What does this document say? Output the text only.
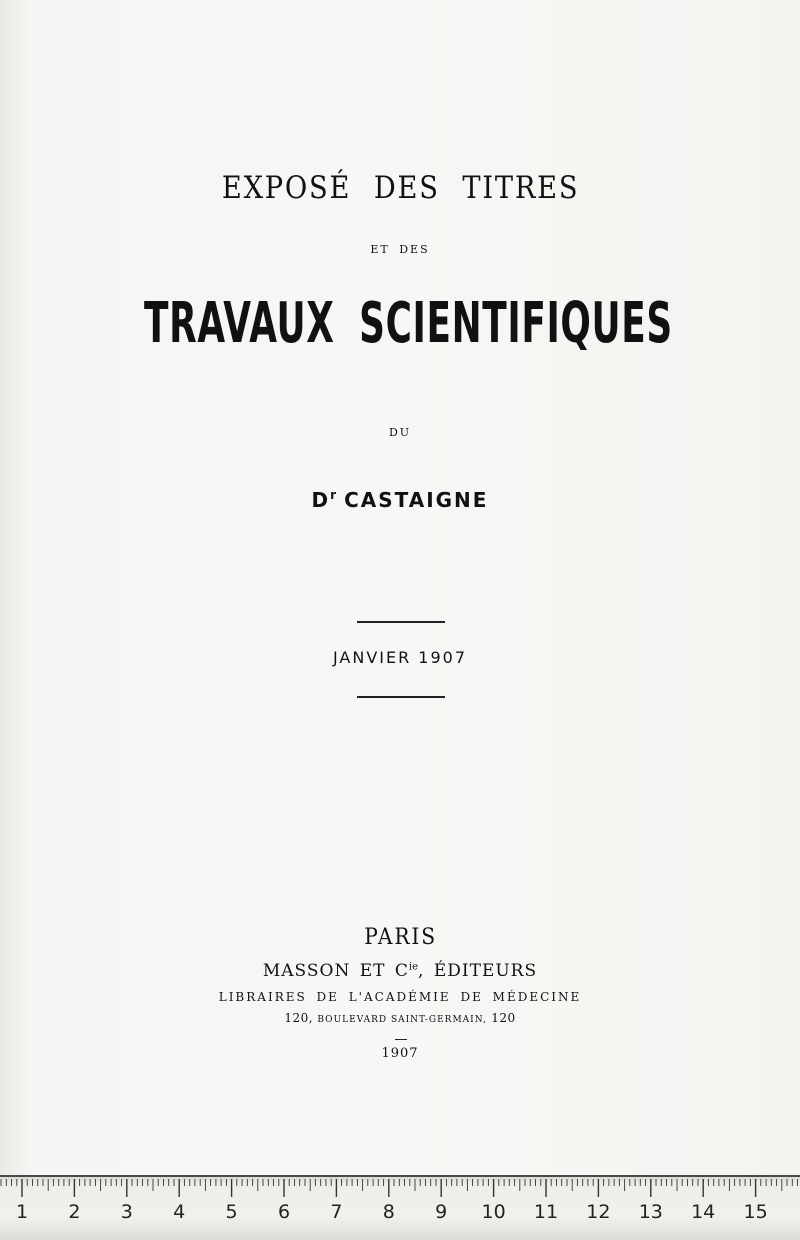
EXPOSÉ DES TITRES
ET DES
TRAVAUX SCIENTIFIQUES
DU
$D^r$ CASTAIGNE
JANVIER 1907
PARIS
MASSON ET $C^{ie}$, ÉDITEURS
LIBRAIRES DE L'ACADÉMIE DE MÉDECINE
120, BOULEVARD SAINT-GERMAIN, 120
1907
1 2 3 4 5 6 7 8 9 10 11 12 13 14 15
